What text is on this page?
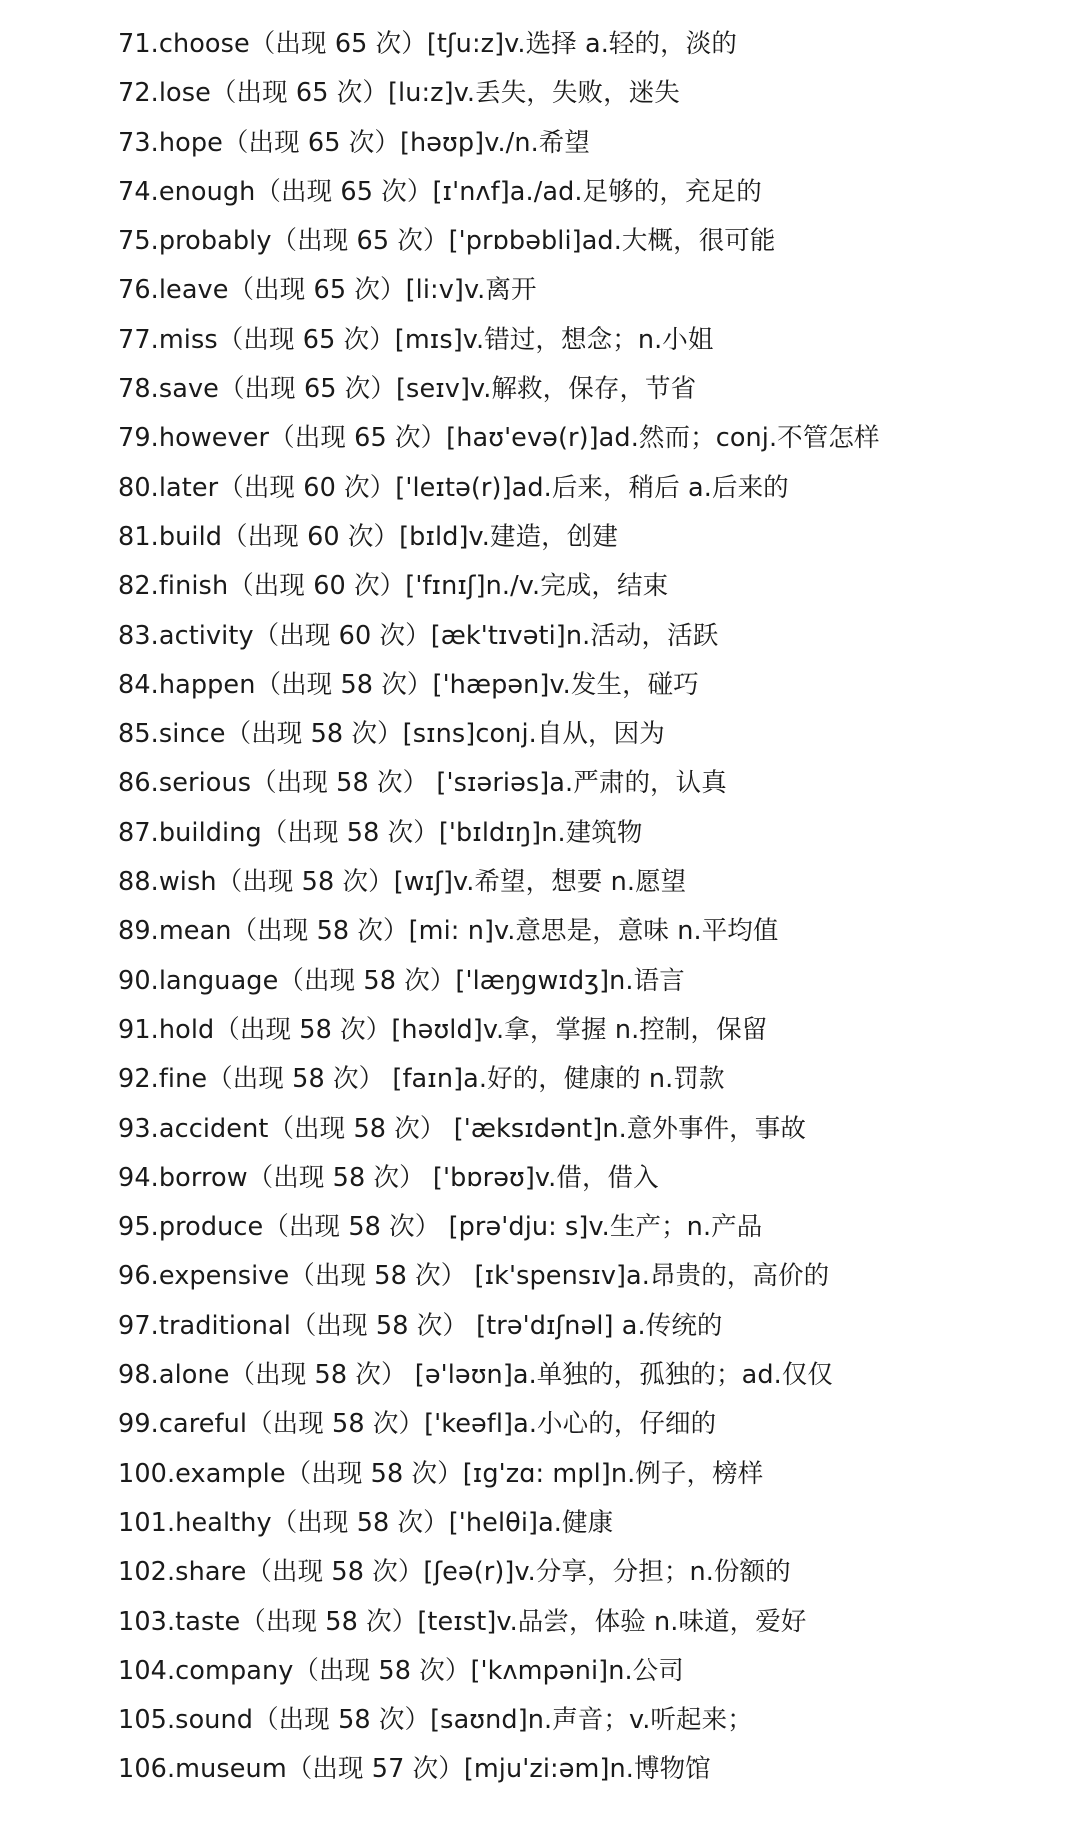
71.choose（出现 65 次）[tʃu:z]v.选择 a.轻的，淡的
72.lose（出现 65 次）[lu:z]v.丢失，失败，迷失
73.hope（出现 65 次）[həʊp]v./n.希望
74.enough（出现 65 次）[ɪ'nʌf]a./ad.足够的，充足的
75.probably（出现 65 次）['prɒbəbli]ad.大概，很可能
76.leave（出现 65 次）[li:v]v.离开
77.miss（出现 65 次）[mɪs]v.错过，想念；n.小姐
78.save（出现 65 次）[seɪv]v.解救，保存，节省
79.however（出现 65 次）[haʊ'evə(r)]ad.然而；conj.不管怎样
80.later（出现 60 次）['leɪtə(r)]ad.后来，稍后 a.后来的
81.build（出现 60 次）[bɪld]v.建造，创建
82.finish（出现 60 次）['fɪnɪʃ]n./v.完成，结束
83.activity（出现 60 次）[æk'tɪvəti]n.活动，活跃
84.happen（出现 58 次）['hæpən]v.发生，碰巧
85.since（出现 58 次）[sɪns]conj.自从，因为
86.serious（出现 58 次） ['sɪəriəs]a.严肃的，认真
87.building（出现 58 次）['bɪldɪŋ]n.建筑物
88.wish（出现 58 次）[wɪʃ]v.希望，想要 n.愿望
89.mean（出现 58 次）[mi: n]v.意思是，意味 n.平均值
90.language（出现 58 次）['læŋgwɪdʒ]n.语言
91.hold（出现 58 次）[həʊld]v.拿，掌握 n.控制，保留
92.fine（出现 58 次） [faɪn]a.好的，健康的 n.罚款
93.accident（出现 58 次） ['æksɪdənt]n.意外事件，事故
94.borrow（出现 58 次） ['bɒrəʊ]v.借，借入
95.produce（出现 58 次） [prə'dju: s]v.生产；n.产品
96.expensive（出现 58 次） [ɪk'spensɪv]a.昂贵的，高价的
97.traditional（出现 58 次） [trə'dɪʃnəl] a.传统的
98.alone（出现 58 次） [ə'ləʊn]a.单独的，孤独的；ad.仅仅
99.careful（出现 58 次）['keəfl]a.小心的，仔细的
100.example（出现 58 次）[ɪg'zɑ: mpl]n.例子，榜样
101.healthy（出现 58 次）['helθi]a.健康
102.share（出现 58 次）[ʃeə(r)]v.分享，分担；n.份额的
103.taste（出现 58 次）[teɪst]v.品尝，体验 n.味道，爱好
104.company（出现 58 次）['kʌmpəni]n.公司
105.sound（出现 58 次）[saʊnd]n.声音；v.听起来；
106.museum（出现 57 次）[mju'zi:əm]n.博物馆
